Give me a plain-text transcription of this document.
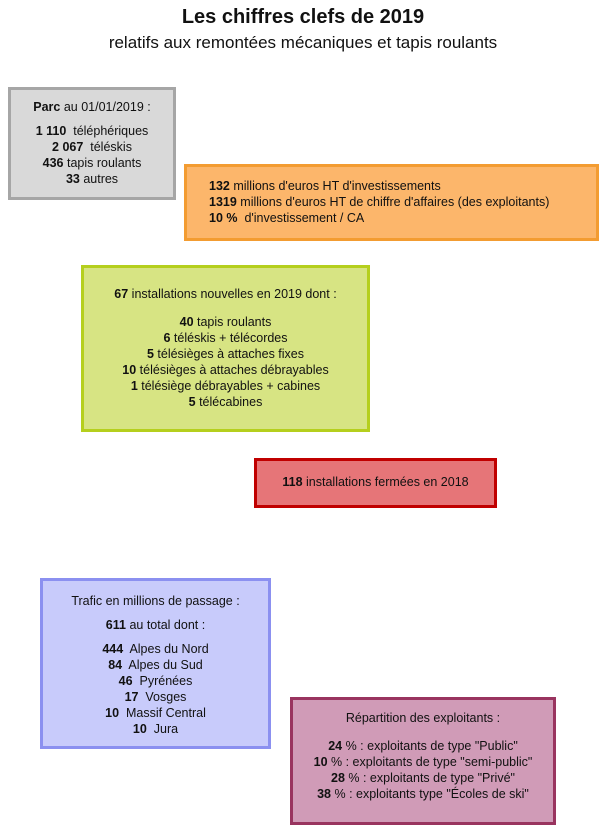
Les chiffres clefs de 2019
relatifs aux remontées mécaniques et tapis roulants
Parc au 01/01/2019 :
1 110  téléphériques
2 067  téléskis
436 tapis roulants
33 autres	132 millions d'euros HT d'investissements
1319 millions d'euros HT de chiffre d'affaires (des exploitants)
10 %  d'investissement / CA
67 installations nouvelles en 2019 dont :
40 tapis roulants
6 téléskis + télécordes
5 télésièges à attaches fixes
10 télésièges à attaches débrayables
1 télésiège débrayables + cabines
5 télécabines
118 installations fermées en 2018
Trafic en millions de passage :
611 au total dont :
444  Alpes du Nord
84  Alpes du Sud
46  Pyrénées
17  Vosges
10  Massif Central
10  Jura
Répartition des exploitants :
24 % : exploitants de type "Public"
10 % : exploitants de type "semi-public"
28 % : exploitants de type "Privé"
38 % : exploitants type "Écoles de ski"
